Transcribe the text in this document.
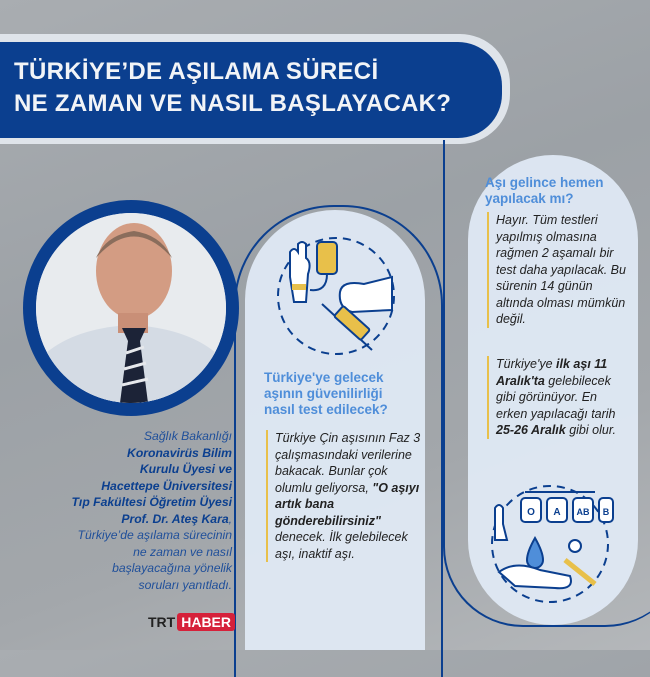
TÜRKİYE’DE AŞILAMA SÜRECİ
NE ZAMAN VE NASIL BAŞLAYACAK?
Sağlık Bakanlığı
Koronavirüs Bilim
Kurulu Üyesi ve
Hacettepe Üniversitesi
Tıp Fakültesi Öğretim Üyesi
Prof. Dr. Ateş Kara,
Türkiye’de aşılama sürecinin
ne zaman ve nasıl
başlayacağına yönelik
soruları yanıtladı.
Türkiye'ye gelecek
aşının güvenilirliği
nasıl test edilecek?
Türkiye Çin aşısının Faz 3 çalışmasındaki verilerine bakacak. Bunlar çok olumlu geliyorsa, "O aşıyı artık bana gönderebilirsiniz" denecek. İlk gelebilecek aşı, inaktif aşı.
Aşı gelince hemen
yapılacak mı?
Hayır. Tüm testleri yapılmış olmasına rağmen 2 aşamalı bir test daha yapılacak. Bu sürenin 14 günün altında olması mümkün değil.
Türkiye'ye ilk aşı 11 Aralık'ta gelebilecek gibi görünüyor. En erken yapılacağı tarih 25-26 Aralık gibi olur.
O A AB B
TRT HABER
